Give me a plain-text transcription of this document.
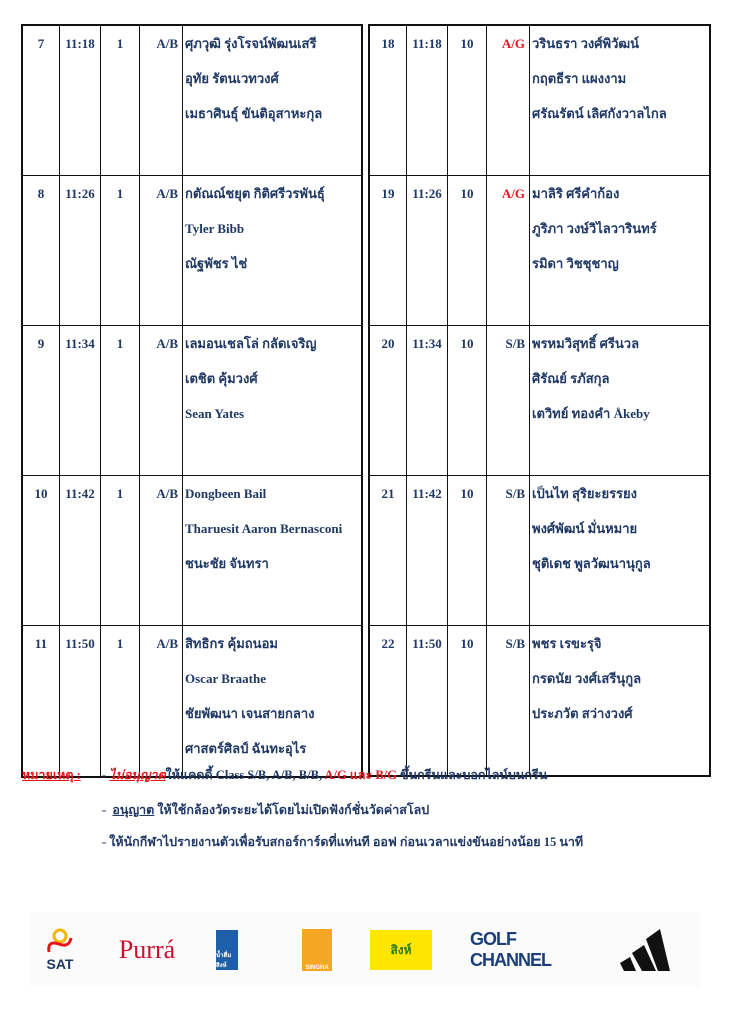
7	11:18	1	A/B	ศุภวุฒิ รุ่งโรจน์พัฒนเสรี
อุทัย รัตนเวทวงศ์
เมธาศินธุ์ ขันติอุสาหะกุล

8	11:26	1	A/B	กตัณณ์ชยุต กิติศรีวรพันธุ์
Tyler Bibb
ณัฐพัชร ไช่

9	11:34	1	A/B	เลมอนเชลโล่ กลัดเจริญ
เตชิต คุ้มวงศ์
Sean Yates

10	11:42	1	A/B	Dongbeen Bail
Tharuesit Aaron Bernasconi
ชนะชัย จันทรา

11	11:50	1	A/B	สิทธิกร คุ้มถนอม
Oscar Braathe
ชัยพัฒนา เจนสายกลาง
ศาสตร์ศิลป์ ฉันทะอุไร
18	11:18	10	A/G	วรินธรา วงศ์พิวัฒน์
กฤตธีรา แผงงาม
ศรัณรัตน์ เลิศกังวาลไกล

19	11:26	10	A/G	มาลิริ ศรีคำก้อง
ภูริภา วงษ์วิไลวารินทร์
รมิดา วิชชุชาญ

20	11:34	10	S/B	พรหมวิสุทธิ์ ศรีนวล
ศิรัณย์ รภัสกุล
เตวิทย์ ทองคำ Åkeby

21	11:42	10	S/B	เป็นไท สุริยะยรรยง
พงศ์พัฒน์ มั่นหมาย
ชุติเดช พูลวัฒนานุกูล

22	11:50	10	S/B	พชร เรขะรุจิ
กรดนัย วงศ์เสรีนุกูล
ประภวัต สว่างวงศ์
หมายเหตุ : - ไม่อนุญาตให้แคดดี้ Class S/B, A/B, B/B, A/G และ B/G ขึ้นกรีนและบอกไลน์บนกรีน
- อนุญาต ให้ใช้กล้องวัดระยะได้โดยไม่เปิดฟังก์ชั่นวัดค่าสโลป
- ให้นักกีฬาไปรายงานตัวเพื่อรับสกอร์การ์ดที่แท่นที ออฟ ก่อนเวลาแข่งขันอย่างน้อย 15 นาที
SAT Purrá	น้ำดื่มสิงห์	SINGHA
สิงห์
GOLF CHANNEL
